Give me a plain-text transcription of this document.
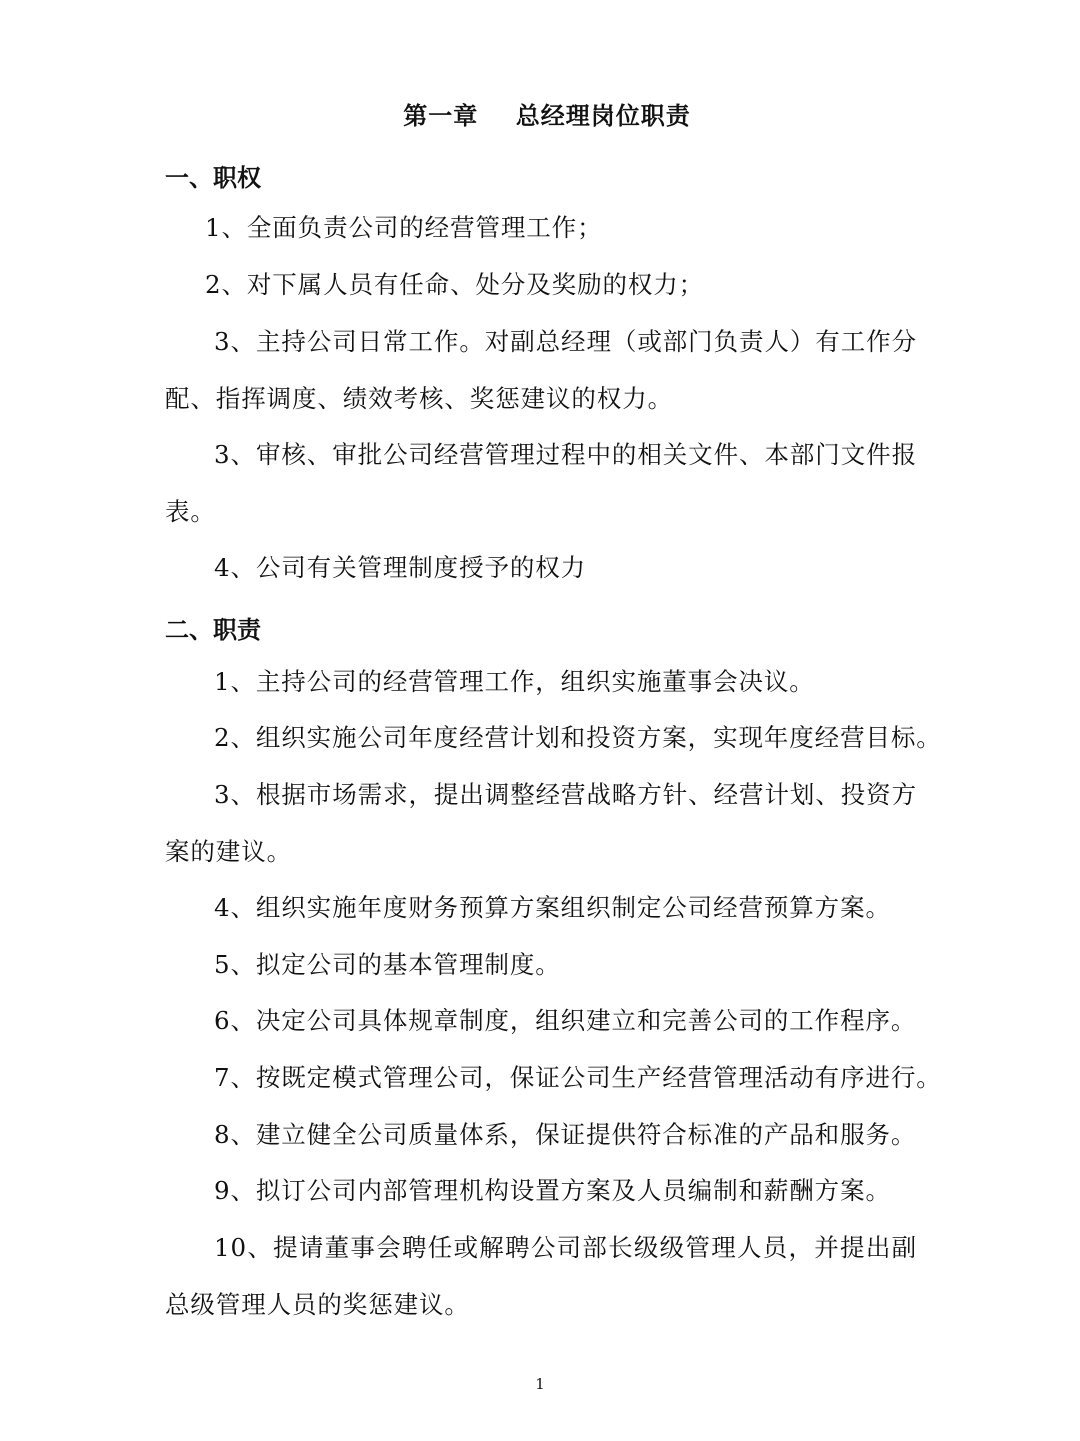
第一章    总经理岗位职责
一、职权
1、全面负责公司的经营管理工作；
2、对下属人员有任命、处分及奖励的权力；
3、主持公司日常工作。对副总经理（或部门负责人）有工作分配、指挥调度、绩效考核、奖惩建议的权力。
3、审核、审批公司经营管理过程中的相关文件、本部门文件报表。
4、公司有关管理制度授予的权力
二、职责
1、主持公司的经营管理工作，组织实施董事会决议。
2、组织实施公司年度经营计划和投资方案，实现年度经营目标。
3、根据市场需求，提出调整经营战略方针、经营计划、投资方案的建议。
4、组织实施年度财务预算方案组织制定公司经营预算方案。
5、拟定公司的基本管理制度。
6、决定公司具体规章制度，组织建立和完善公司的工作程序。
7、按既定模式管理公司，保证公司生产经营管理活动有序进行。
8、建立健全公司质量体系，保证提供符合标准的产品和服务。
9、拟订公司内部管理机构设置方案及人员编制和薪酬方案。
10、提请董事会聘任或解聘公司部长级级管理人员，并提出副总级管理人员的奖惩建议。
1
